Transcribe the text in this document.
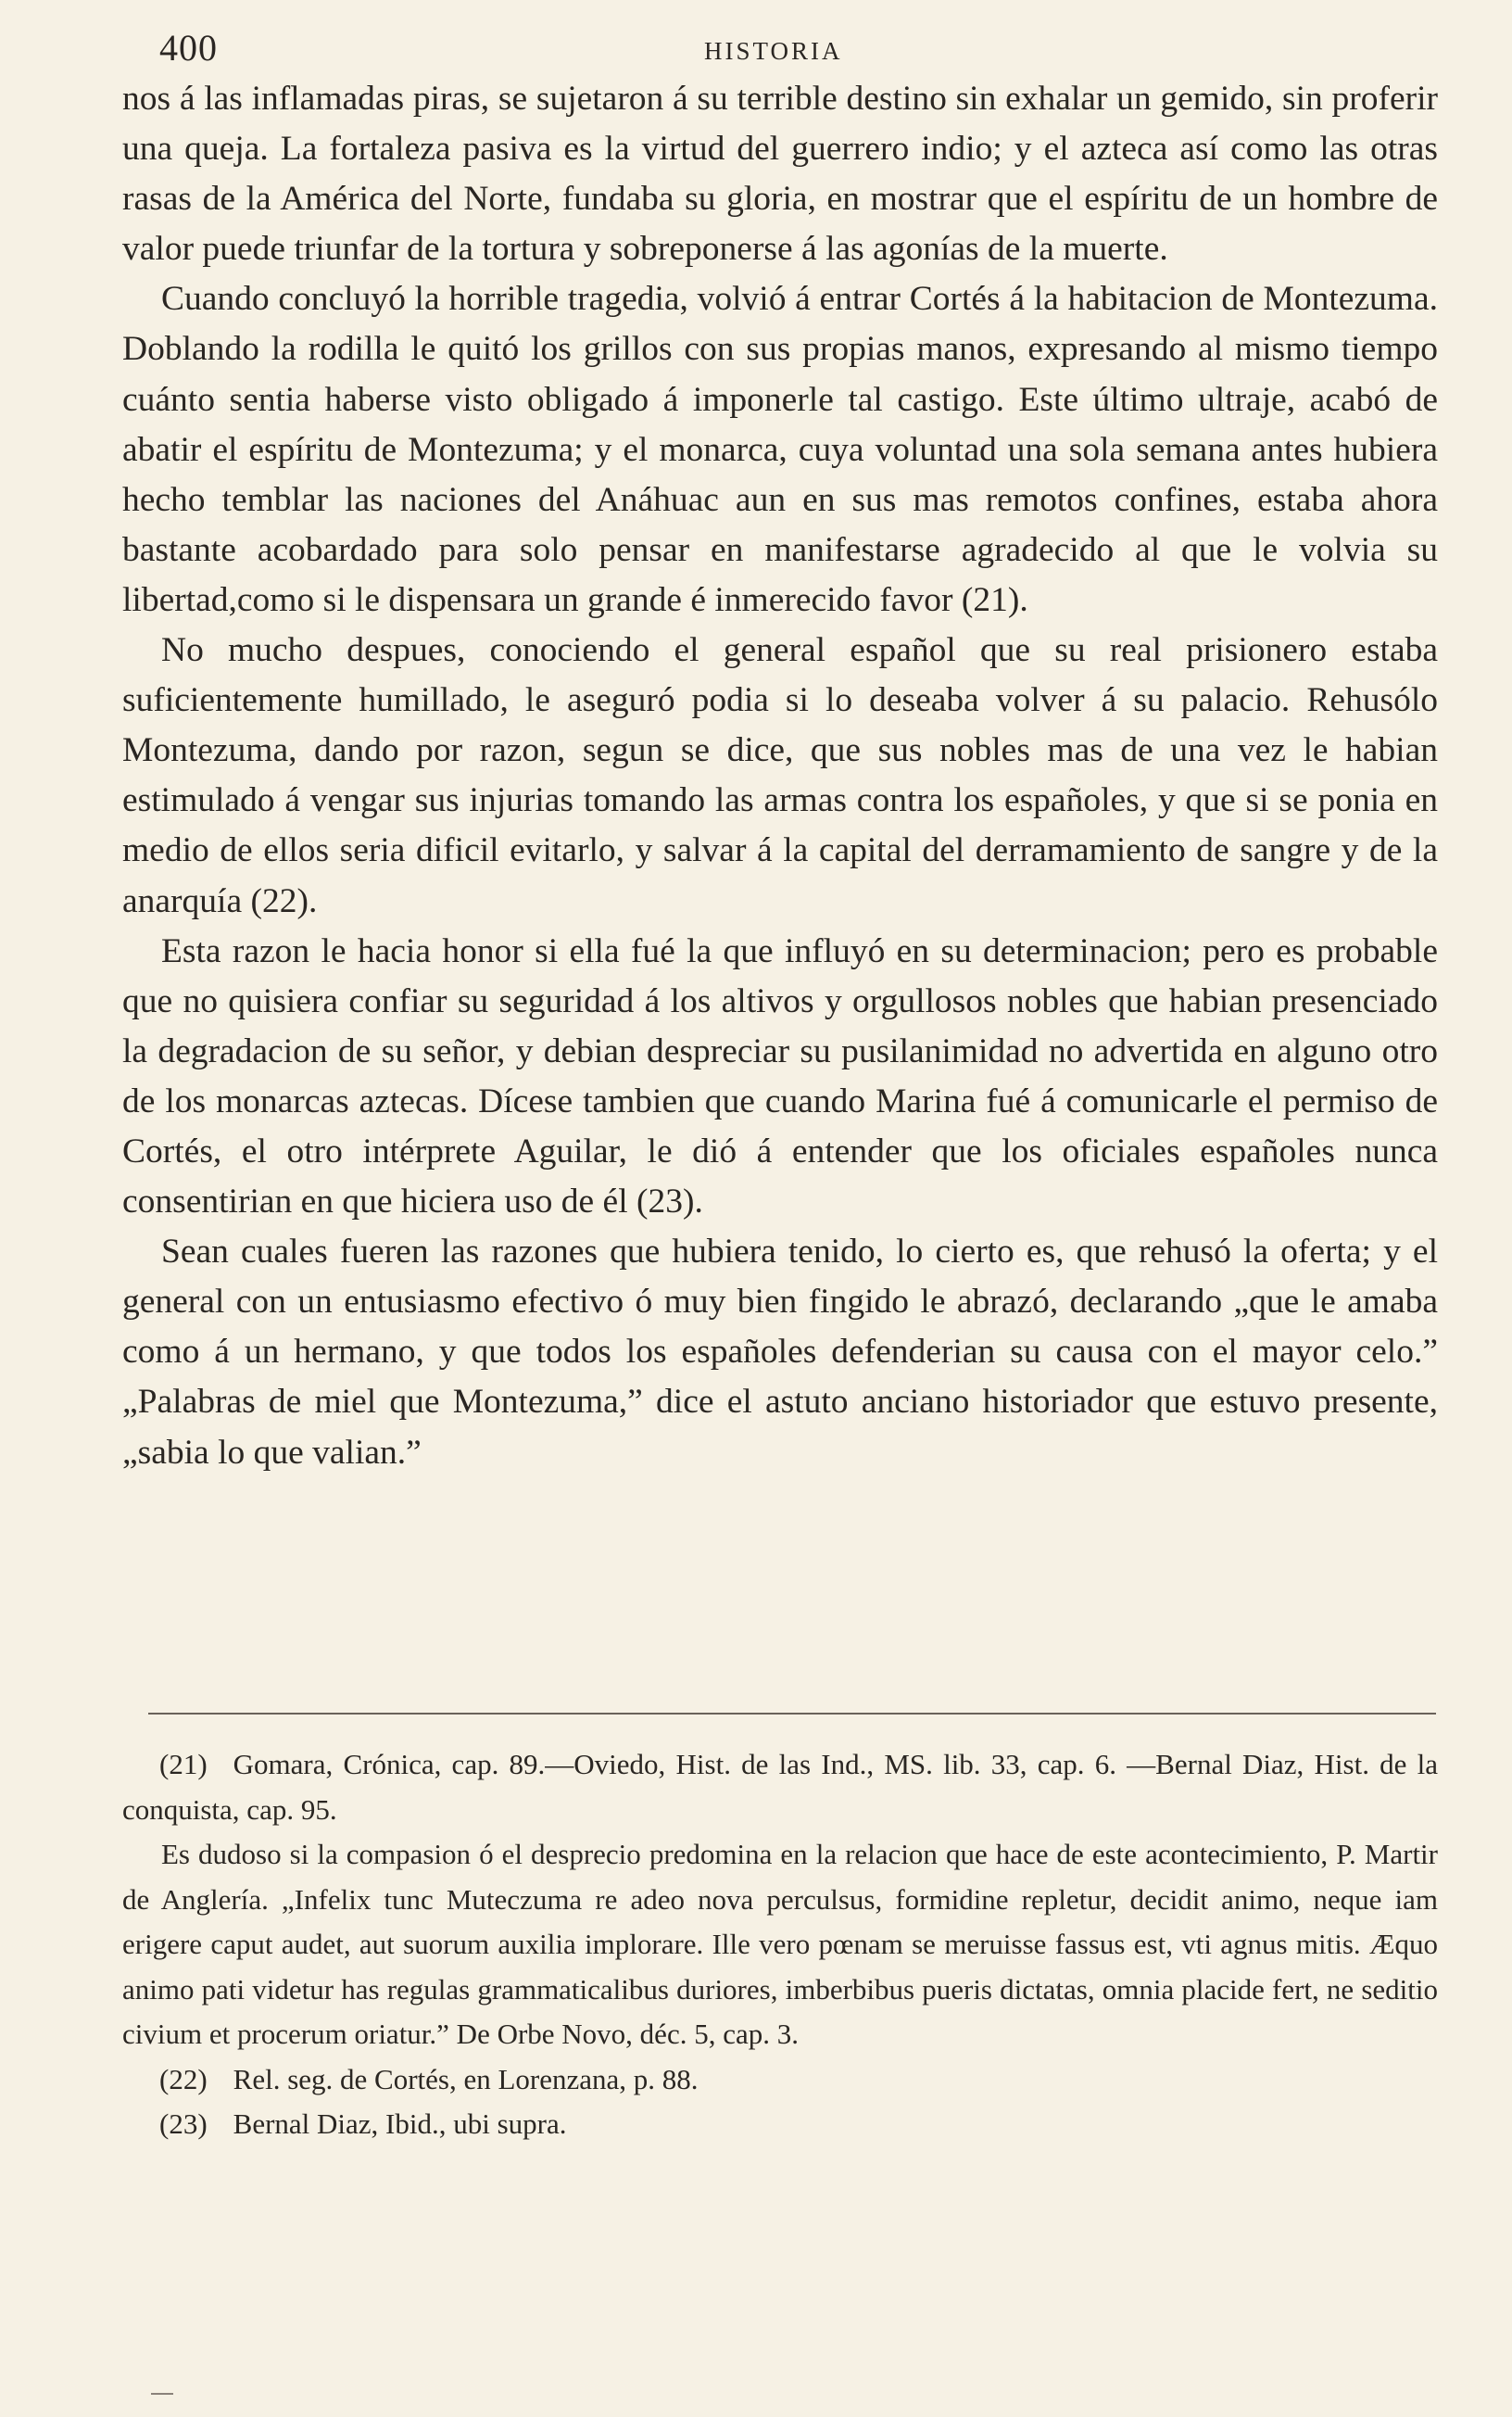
400	HISTORIA

nos á las inflamadas piras, se sujetaron á su terrible destino sin exhalar un gemido, sin proferir una queja. La fortaleza pasiva es la virtud del guerrero indio; y el azteca así como las otras rasas de la América del Norte, fundaba su gloria, en mostrar que el espíritu de un hombre de valor puede triunfar de la tortura y sobreponerse á las agonías de la muerte.

Cuando concluyó la horrible tragedia, volvió á entrar Cortés á la habitacion de Montezuma. Doblando la rodilla le quitó los grillos con sus propias manos, expresando al mismo tiempo cuánto sentia haberse visto obligado á imponerle tal castigo. Este último ultraje, acabó de abatir el espíritu de Montezuma; y el monarca, cuya voluntad una sola semana antes hubiera hecho temblar las naciones del Anáhuac aun en sus mas remotos confines, estaba ahora bastante acobardado para solo pensar en manifestarse agradecido al que le volvia su libertad,como si le dispensara un grande é inmerecido favor (21).

No mucho despues, conociendo el general español que su real prisionero estaba suficientemente humillado, le aseguró podia si lo deseaba volver á su palacio. Rehusólo Montezuma, dando por razon, segun se dice, que sus nobles mas de una vez le habian estimulado á vengar sus injurias tomando las armas contra los españoles, y que si se ponia en medio de ellos seria dificil evitarlo, y salvar á la capital del derramamiento de sangre y de la anarquía (22).

Esta razon le hacia honor si ella fué la que influyó en su determinacion; pero es probable que no quisiera confiar su seguridad á los altivos y orgullosos nobles que habian presenciado la degradacion de su señor, y debian despreciar su pusilanimidad no advertida en alguno otro de los monarcas aztecas. Dícese tambien que cuando Marina fué á comunicarle el permiso de Cortés, el otro intérprete Aguilar, le dió á entender que los oficiales españoles nunca consentirian en que hiciera uso de él (23).

Sean cuales fueren las razones que hubiera tenido, lo cierto es, que rehusó la oferta; y el general con un entusiasmo efectivo ó muy bien fingido le abrazó, declarando „que le amaba como á un hermano, y que todos los españoles defenderian su causa con el mayor celo.” „Palabras de miel que Montezuma,” dice el astuto anciano historiador que estuvo presente, „sabia lo que valian.”

(21) Gomara, Crónica, cap. 89.—Oviedo, Hist. de las Ind., MS. lib. 33, cap. 6. —Bernal Diaz, Hist. de la conquista, cap. 95.

Es dudoso si la compasion ó el desprecio predomina en la relacion que hace de este acontecimiento, P. Martir de Anglería. „Infelix tunc Muteczuma re adeo nova perculsus, formidine repletur, decidit animo, neque iam erigere caput audet, aut suorum auxilia implorare. Ille vero pœnam se meruisse fassus est, vti agnus mitis. Æquo animo pati videtur has regulas grammaticalibus duriores, imberbibus pueris dictatas, omnia placide fert, ne seditio civium et procerum oriatur.” De Orbe Novo, déc. 5, cap. 3.

(22) Rel. seg. de Cortés, en Lorenzana, p. 88.

(23) Bernal Diaz, Ibid., ubi supra.
